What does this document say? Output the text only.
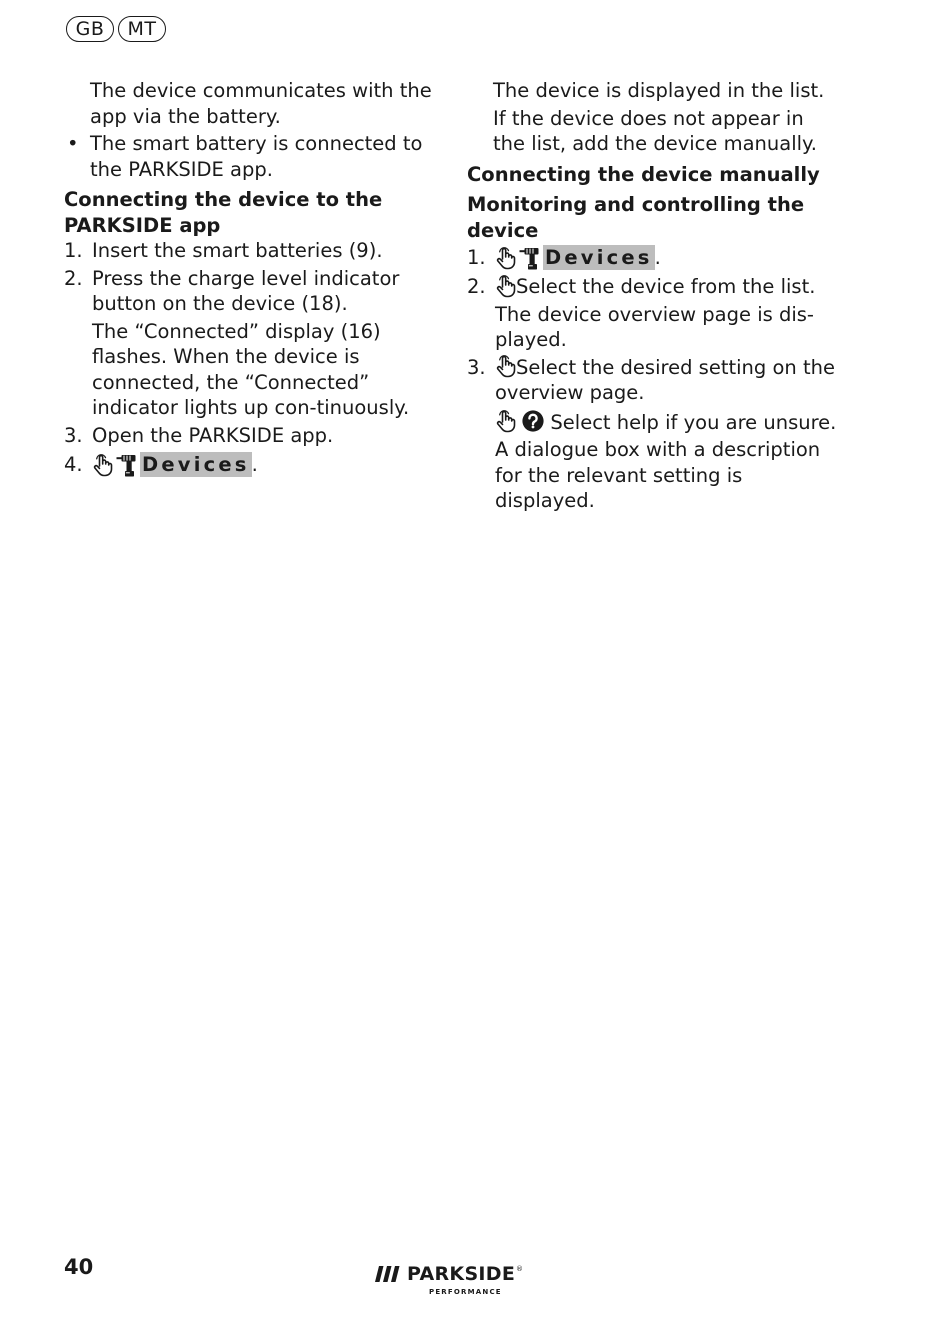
GB	MT

The device communicates with the app via the battery.

• The smart battery is connected to the PARKSIDE app.

Connecting the device to the PARKSIDE app

1. Insert the smart batteries (9).
2. Press the charge level indicator button on the device (18).

The “Connected” display (16) flashes. When the device is connected, the “Connected” indicator lights up con-tinuously.

3. Open the PARKSIDE app.
4.	Devices .

The device is displayed in the list.

If the device does not appear in the list, add the device manually.

Connecting the device manually

Monitoring and controlling the device

1.	Devices .
2.	Select the device from the list.

The device overview page is dis-played.

3.	Select the desired setting on the overview page.

Select help if you are unsure.

A dialogue box with a description for the relevant setting is displayed.

40	PARKSIDE ®
PERFORMANCE
